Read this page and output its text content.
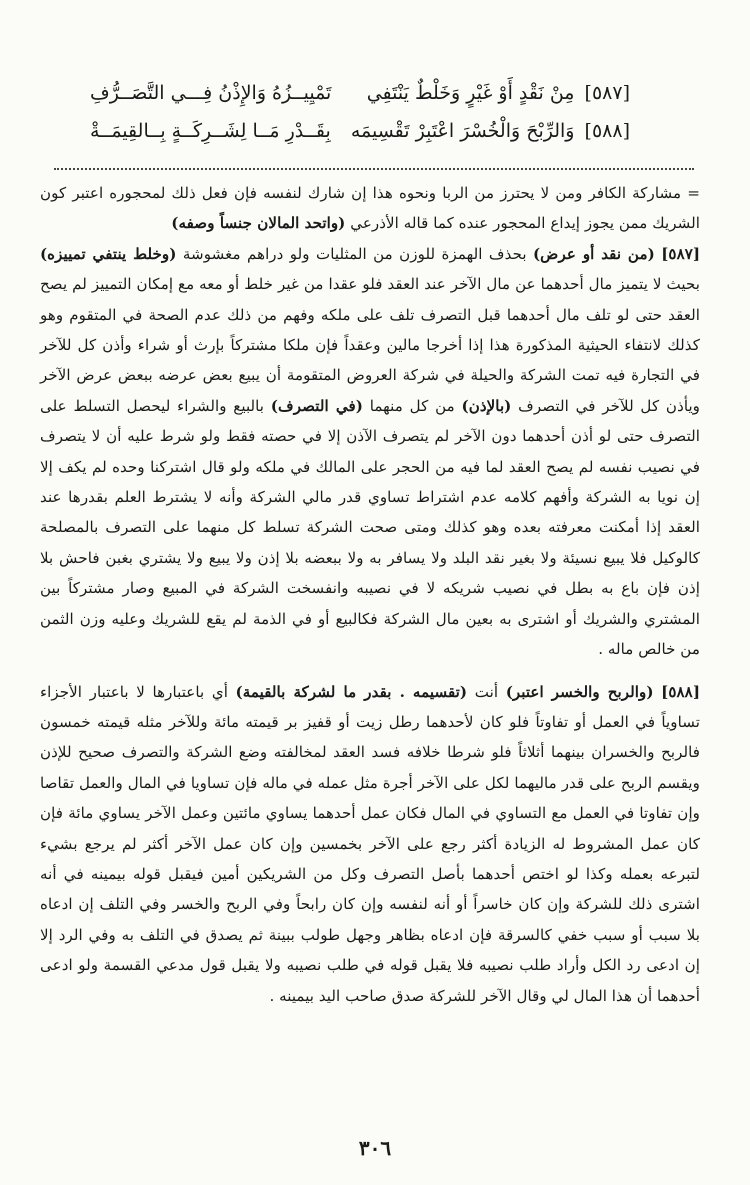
[٥٨٧] مِنْ نَقْدٍ أَوْ غَيْرٍ وَخَلْطٌ يَنْتَفِي
تَمْيِيــزُهُ وَالإِذْنُ فِـــي التَّصَــرُّفِ
[٥٨٨] وَالرِّبْحَ وَالْخُسْرَ اعْتَبِرْ تَقْسِيمَه
بِقَــدْرِ مَــا لِشَــرِكَــةٍ بِــالقِيمَــةْ

= مشاركة الكافر ومن لا يحترز من الربا ونحوه هذا إن شارك لنفسه فإن فعل ذلك لمحجوره اعتبر كون الشريك ممن يجوز إيداع المحجور عنده كما قاله الأذرعي (واتحد المالان جنساً وصفه)

[٥٨٧] (من نقد أو عرض) بحذف الهمزة للوزن من المثليات ولو دراهم مغشوشة (وخلط ينتفي تمييزه) بحيث لا يتميز مال أحدهما عن مال الآخر عند العقد فلو عقدا من غير خلط أو معه مع إمكان التمييز لم يصح العقد حتى لو تلف مال أحدهما قبل التصرف تلف على ملكه وفهم من ذلك عدم الصحة في المتقوم وهو كذلك لانتفاء الحيثية المذكورة هذا إذا أخرجا مالين وعقداً فإن ملكا مشتركاً بإرث أو شراء وأذن كل للآخر في التجارة فيه تمت الشركة والحيلة في شركة العروض المتقومة أن يبيع بعض عرضه ببعض عرض الآخر ويأذن كل للآخر في التصرف (بالإذن) من كل منهما (في التصرف) بالبيع والشراء ليحصل التسلط على التصرف حتى لو أذن أحدهما دون الآخر لم يتصرف الآذن إلا في حصته فقط ولو شرط عليه أن لا يتصرف في نصيب نفسه لم يصح العقد لما فيه من الحجر على المالك في ملكه ولو قال اشتركنا وحده لم يكف إلا إن نويا به الشركة وأفهم كلامه عدم اشتراط تساوي قدر مالي الشركة وأنه لا يشترط العلم بقدرها عند العقد إذا أمكنت معرفته بعده وهو كذلك ومتى صحت الشركة تسلط كل منهما على التصرف بالمصلحة كالوكيل فلا يبيع نسيئة ولا بغير نقد البلد ولا يسافر به ولا ببعضه بلا إذن ولا يبيع ولا يشتري بغبن فاحش بلا إذن فإن باع به بطل في نصيب شريكه لا في نصيبه وانفسخت الشركة في المبيع وصار مشتركاً بين المشتري والشريك أو اشترى به بعين مال الشركة فكالبيع أو في الذمة لم يقع للشريك وعليه وزن الثمن من خالص ماله .

[٥٨٨] (والربح والخسر اعتبر) أنت (تقسيمه . بقدر ما لشركة بالقيمة) أي باعتبارها لا باعتبار الأجزاء تساوياً في العمل أو تفاوتاً فلو كان لأحدهما رطل زيت أو قفيز بر قيمته مائة وللآخر مثله قيمته خمسون فالربح والخسران بينهما أثلاثاً فلو شرطا خلافه فسد العقد لمخالفته وضع الشركة والتصرف صحيح للإذن ويقسم الربح على قدر ماليهما لكل على الآخر أجرة مثل عمله في ماله فإن تساويا في المال والعمل تقاصا وإن تفاوتا في العمل مع التساوي في المال فكان عمل أحدهما يساوي مائتين وعمل الآخر يساوي مائة فإن كان عمل المشروط له الزيادة أكثر رجع على الآخر بخمسين وإن كان عمل الآخر أكثر لم يرجع بشيء لتبرعه بعمله وكذا لو اختص أحدهما بأصل التصرف وكل من الشريكين أمين فيقبل قوله بيمينه في أنه اشترى ذلك للشركة وإن كان خاسراً أو أنه لنفسه وإن كان رابحاً وفي الربح والخسر وفي التلف إن ادعاه بلا سبب أو سبب خفي كالسرقة فإن ادعاه بظاهر وجهل طولب ببينة ثم يصدق في التلف به وفي الرد إلا إن ادعى رد الكل وأراد طلب نصيبه فلا يقبل قوله في طلب نصيبه ولا يقبل قول مدعي القسمة ولو ادعى أحدهما أن هذا المال لي وقال الآخر للشركة صدق صاحب اليد بيمينه .

٣٠٦
